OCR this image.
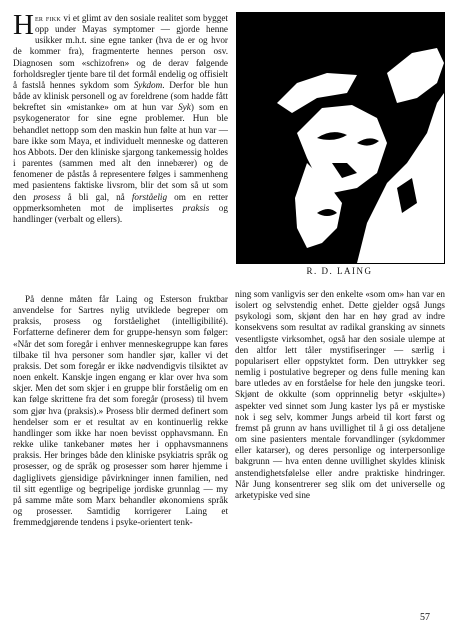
Her fikk vi et glimt av den sosiale realitet som bygget opp under Mayas symptomer — gjorde henne usikker m.h.t. sine egne tanker (hva de er og hvor de kommer fra), fragmenterte hennes person osv. Diagnosen som «schizofren» og de derav følgende forholdsregler tjente bare til det formål endelig og offisielt å fastslå hennes sykdom som Sykdom. Derfor ble hun både av klinisk personell og av foreldrene (som hadde fått bekreftet sin «mistanke» om at hun var Syk) som en psykogenerator for sine egne problemer. Hun ble behandlet nettopp som den maskin hun følte at hun var — bare ikke som Maya, et individuelt menneske og datteren hos Abbots. Der den kliniske sjargong tankemessig holdes i parentes (sammen med alt den innebærer) og de fenomener de påstås å representere følges i sammenheng med pasientens faktiske livsrom, blir det som så ut som den prosess å bli gal, nå forståelig om en retter oppmerksomheten mot de implisertes praksis og handlinger (verbalt og ellers).

På denne måten får Laing og Esterson fruktbar anvendelse for Sartres nylig utviklede begreper om praksis, prosess og forståelighet (intelligibilité). Forfatterne definerer dem for gruppe-hensyn som følger: «Når det som foregår i enhver menneskegruppe kan føres tilbake til hva personer som handler sjør, kaller vi det praksis. Det som foregår er ikke nødvendigvis tilsiktet av noen enkelt. Kanskje ingen engang er klar over hva som skjer. Men det som skjer i en gruppe blir forståelig om en kan følge skrittene fra det som foregår (prosess) til hvem som gjør hva (praksis).» Prosess blir dermed definert som hendelser som er et resultat av en kontinuerlig rekke handlinger som ikke har noen bevisst opphavsmann. En rekke ulike tankebaner møtes her i opphavsmannens praksis. Her bringes både den kliniske psykiatris språk og prosesser, og de språk og prosesser som hører hjemme i dagliglivets gjensidige påvirkninger innen familien, ned til sitt egentlige og begripelige jordiske grunnlag — my på samme måte som Marx behandler økonomiens språk og prosesser. Samtidig korrigerer Laing et fremmedgjørende tendens i psyke-orientert tenk-

R. D. LAING

ning som vanligvis ser den enkelte «som om» han var en isolert og selvstendig enhet. Dette gjelder også Jungs psykologi som, skjønt den har en høy grad av indre konsekvens som resultat av radikal gransking av sinnets vesentligste virksomhet, også har den sosiale ulempe at den altfor lett tåler mystifiseringer — særlig i popularisert eller oppstyktet form. Den uttrykker seg nemlig i postulative begreper og dens fulle mening kan bare utledes av en forståelse for hele den jungske teori. Skjønt de okkulte (som opprinnelig betyr «skjulte») aspekter ved sinnet som Jung kaster lys på er mystiske nok i seg selv, kommer Jungs arbeid til kort først og fremst på grunn av hans uvillighet til å gi oss detaljene om sine pasienters mentale forvandlinger (sykdommer eller katarser), og deres personlige og interpersonlige bakgrunn — hva enten denne uvillighet skyldes klinisk anstendighetsfølelse eller andre praktiske hindringer. Når Jung konsentrerer seg slik om det universelle og arketypiske ved sine

57
